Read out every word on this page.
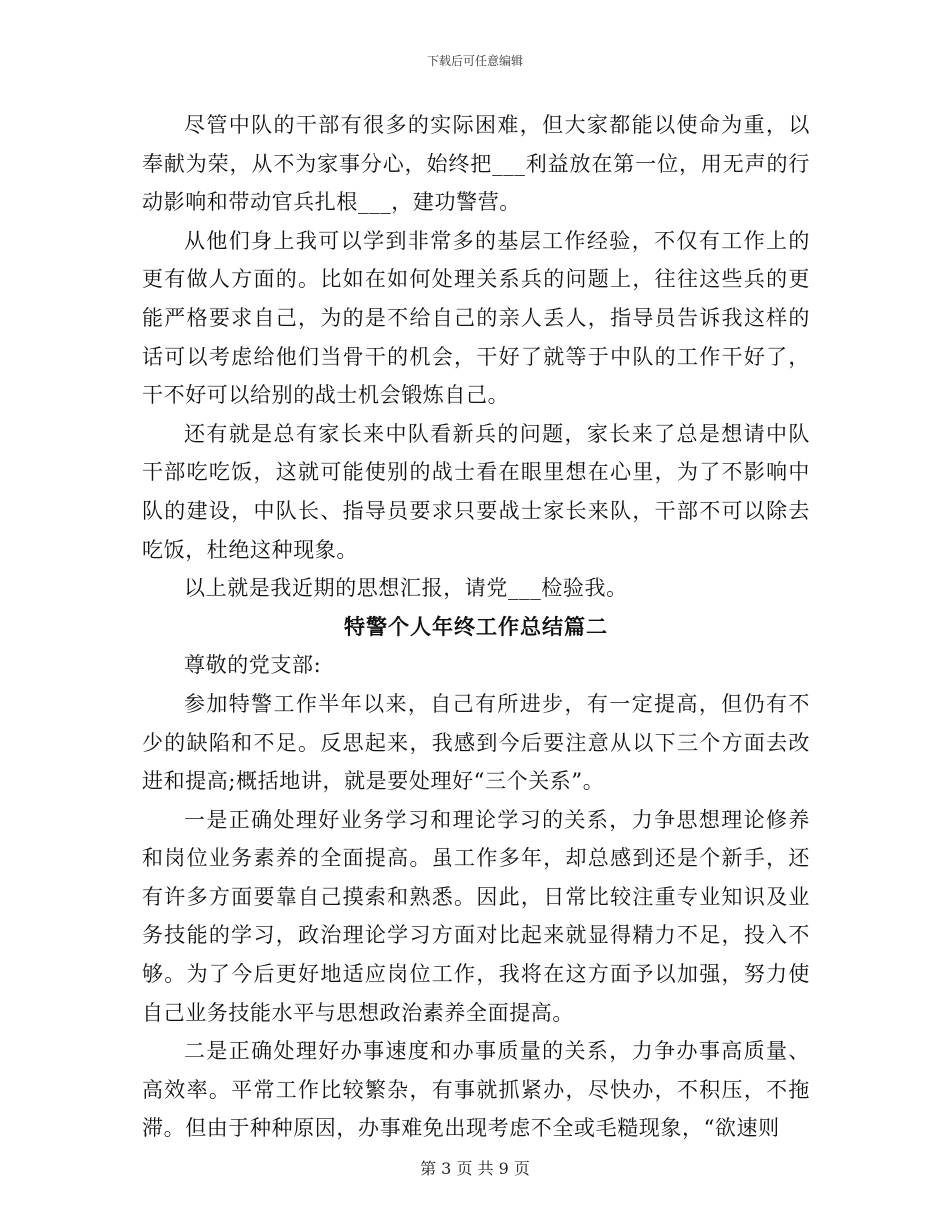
下载后可任意编辑

尽管中队的干部有很多的实际困难，但大家都能以使命为重，以奉献为荣，从不为家事分心，始终把___利益放在第一位，用无声的行动影响和带动官兵扎根___，建功警营。

从他们身上我可以学到非常多的基层工作经验，不仅有工作上的更有做人方面的。比如在如何处理关系兵的问题上，往往这些兵的更能严格要求自己，为的是不给自己的亲人丢人，指导员告诉我这样的话可以考虑给他们当骨干的机会，干好了就等于中队的工作干好了，干不好可以给别的战士机会锻炼自己。

还有就是总有家长来中队看新兵的问题，家长来了总是想请中队干部吃吃饭，这就可能使别的战士看在眼里想在心里，为了不影响中队的建设，中队长、指导员要求只要战士家长来队，干部不可以除去吃饭，杜绝这种现象。

以上就是我近期的思想汇报，请党___检验我。

特警个人年终工作总结篇二

尊敬的党支部:

参加特警工作半年以来，自己有所进步，有一定提高，但仍有不少的缺陷和不足。反思起来，我感到今后要注意从以下三个方面去改进和提高;概括地讲，就是要处理好“三个关系”。

一是正确处理好业务学习和理论学习的关系，力争思想理论修养和岗位业务素养的全面提高。虽工作多年，却总感到还是个新手，还有许多方面要靠自己摸索和熟悉。因此，日常比较注重专业知识及业务技能的学习，政治理论学习方面对比起来就显得精力不足，投入不够。为了今后更好地适应岗位工作，我将在这方面予以加强，努力使自己业务技能水平与思想政治素养全面提高。

二是正确处理好办事速度和办事质量的关系，力争办事高质量、高效率。平常工作比较繁杂，有事就抓紧办，尽快办，不积压，不拖滞。但由于种种原因，办事难免出现考虑不全或毛糙现象，“欲速则

第 3 页 共 9 页
